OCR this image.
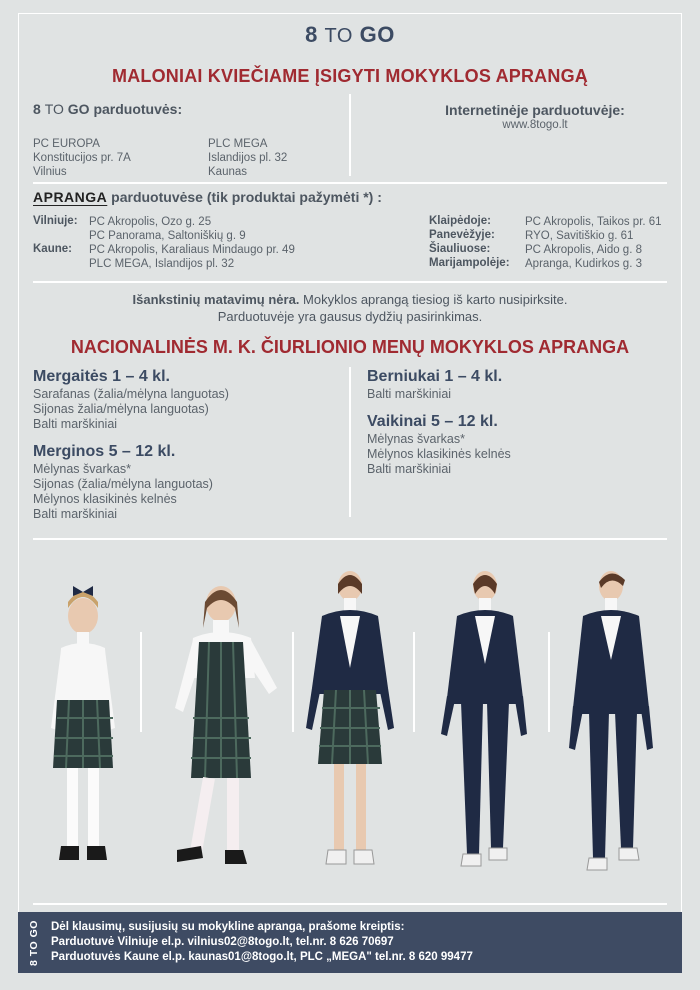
8 TO GO
MALONIAI KVIEČIAME ĮSIGYTI MOKYKLOS APRANGĄ
8 TO GO parduotuvės:
PC EUROPA
Konstitucijos pr. 7A
Vilnius
PLC MEGA
Islandijos pl. 32
Kaunas
Internetinėje parduotuvėje:
www.8togo.lt
APRANGA parduotuvėse (tik produktai pažymėti *) :
Vilniuje: PC Akropolis, Ozo g. 25
PC Panorama, Saltoniškių g. 9
Kaune: PC Akropolis, Karaliaus Mindaugo pr. 49
PLC MEGA, Islandijos pl. 32
Klaipėdoje:	PC Akropolis, Taikos pr. 61
Panevėžyje:	RYO, Savitiškio g. 61
Šiauliuose:	PC Akropolis, Aido g. 8
Marijampolėje: Apranga, Kudirkos g. 3
Išankstinių matavimų nėra. Mokyklos aprangą tiesiog iš karto nusipirksite.
Parduotuvėje yra gausus dydžių pasirinkimas.
NACIONALINĖS M. K. ČIURLIONIO MENŲ MOKYKLOS APRANGA
Mergaitės 1 – 4 kl.
Sarafanas (žalia/mėlyna languotas)
Sijonas žalia/mėlyna languotas)
Balti marškiniai
Merginos 5 – 12 kl.
Mėlynas švarkas*
Sijonas (žalia/mėlyna languotas)
Mėlynos klasikinės kelnės
Balti marškiniai
Berniukai 1 – 4 kl.
Balti marškiniai
Vaikinai 5 – 12 kl.
Mėlynas švarkas*
Mėlynos klasikinės kelnės
Balti marškiniai
8 TO GO Dėl klausimų, susijusių su mokykline apranga, prašome kreiptis:
Parduotuvė Vilniuje el.p. vilnius02@8togo.lt, tel.nr. 8 626 70697
Parduotuvės Kaune el.p. kaunas01@8togo.lt, PLC „MEGA" tel.nr. 8 620 99477
